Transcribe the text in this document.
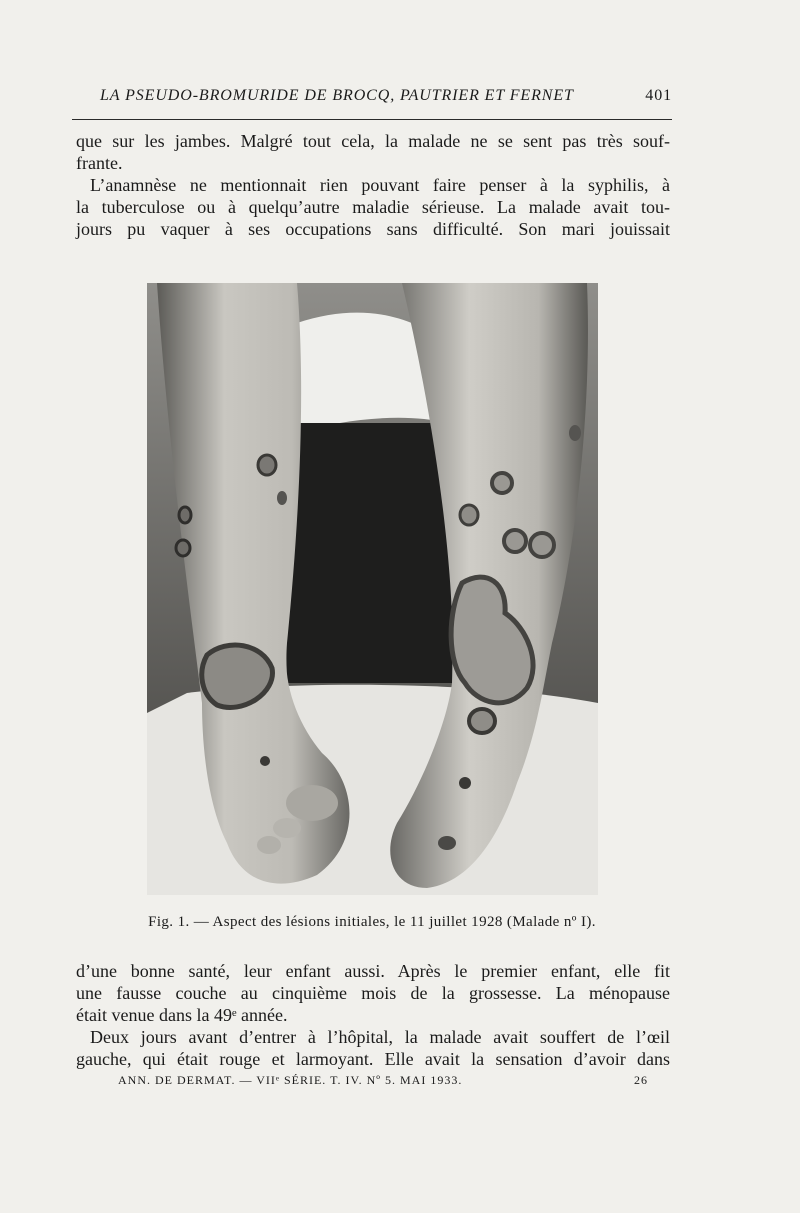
LA PSEUDO-BROMURIDE DE BROCQ, PAUTRIER ET FERNET	401
que sur les jambes. Malgré tout cela, la malade ne se sent pas très souf-
frante.
L’anamnèse ne mentionnait rien pouvant faire penser à la syphilis, à
la tuberculose ou à quelqu’autre maladie sérieuse. La malade avait tou-
jours pu vaquer à ses occupations sans difficulté. Son mari jouissait
Fig. 1. — Aspect des lésions initiales, le 11 juillet 1928 (Malade nº I).
d’une bonne santé, leur enfant aussi. Après le premier enfant, elle fit
une fausse couche au cinquième mois de la grossesse. La ménopause
était venue dans la 49ᵉ année.
Deux jours avant d’entrer à l’hôpital, la malade avait souffert de l’œil
gauche, qui était rouge et larmoyant. Elle avait la sensation d’avoir dans
ANN. DE DERMAT. — VIIᵉ SÉRIE. T. IV. Nº 5. MAI 1933.	26
